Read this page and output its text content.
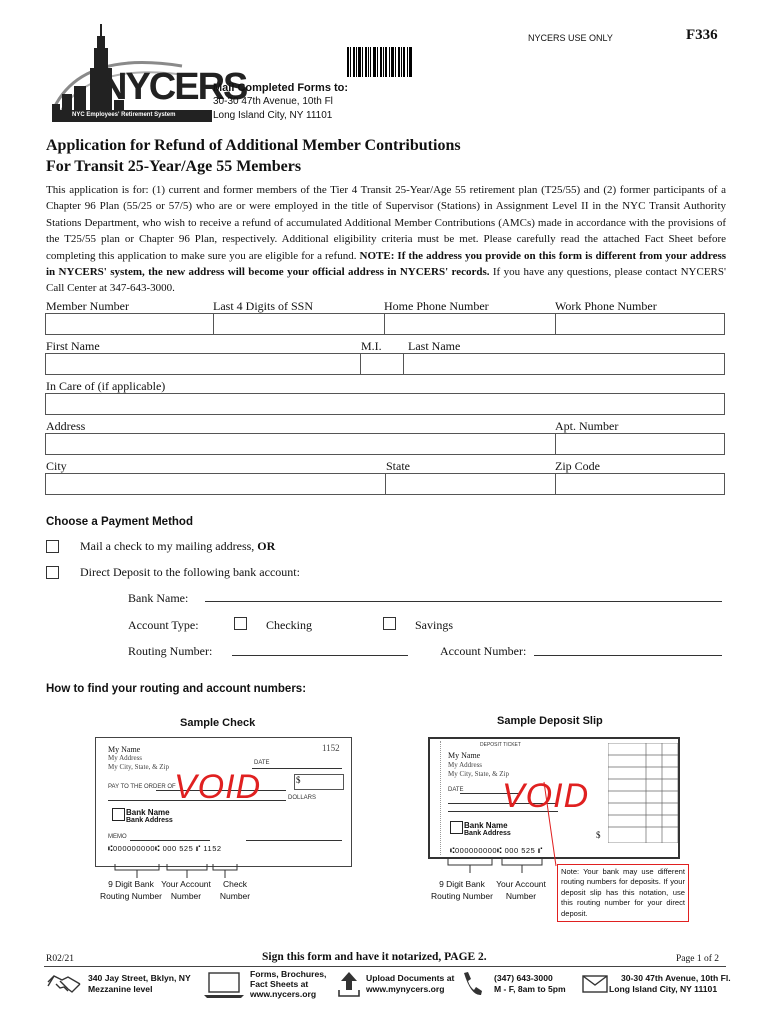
NYCERS USE ONLY	F336
NYCERS
NYC Employees' Retirement System
Mail Completed Forms to:
30-30 47th Avenue, 10th Fl
Long Island City, NY 11101
Application for Refund of Additional Member Contributions
For Transit 25-Year/Age 55 Members
This application is for: (1) current and former members of the Tier 4 Transit 25-Year/Age 55 retirement plan (T25/55) and (2) former participants of a Chapter 96 Plan (55/25 or 57/5) who are or were employed in the title of Supervisor (Stations) in Assignment Level II in the NYC Transit Authority Stations Department, who wish to receive a refund of accumulated Additional Member Contributions (AMCs) made in accordance with the provisions of the T25/55 plan or Chapter 96 Plan, respectively. Additional eligibility criteria must be met. Please carefully read the attached Fact Sheet before completing this application to make sure you are eligible for a refund. NOTE: If the address you provide on this form is different from your address in NYCERS' system, the new address will become your official address in NYCERS' records. If you have any questions, please contact NYCERS' Call Center at 347-643-3000.
Member Number	Last 4 Digits of SSN	Home Phone Number	Work Phone Number
First Name	M.I. Last Name
In Care of (if applicable)
Address	Apt. Number
City	State	Zip Code
Choose a Payment Method
Mail a check to my mailing address, OR
Direct Deposit to the following bank account:
Bank Name:
Account Type:	Checking	Savings
Routing Number:	Account Number:
How to find your routing and account numbers:
Sample Check	Sample Deposit Slip
My Name
My Address
My City, State, & Zip
1152
DATE
PAY TO THE ORDER OF
$
DOLLARS
VOID
Bank Name
Bank Address
MEMO
⑆000000000⑆ 000 525 ⑈ 1152
9 Digit Bank
Routing Number
Your Account
Number
Check
Number
DEPOSIT TICKET
My Name
My Address
My City, State, & Zip
DATE VOID
Bank Name
Bank Address	$
⑆000000000⑆ 000 525 ⑈
9 Digit Bank
Routing Number
Your Account
Number
Note: Your bank may use different routing numbers for deposits. If your deposit slip has this notation, use this routing number for your direct deposit.
R02/21	Sign this form and have it notarized, PAGE 2.	Page 1 of 2
340 Jay Street, Bklyn, NY
Mezzanine level
Forms, Brochures,
Fact Sheets at
www.nycers.org
Upload Documents at
www.mynycers.org
(347) 643-3000
M - F, 8am to 5pm
30-30 47th Avenue, 10th Fl.
Long Island City, NY 11101
